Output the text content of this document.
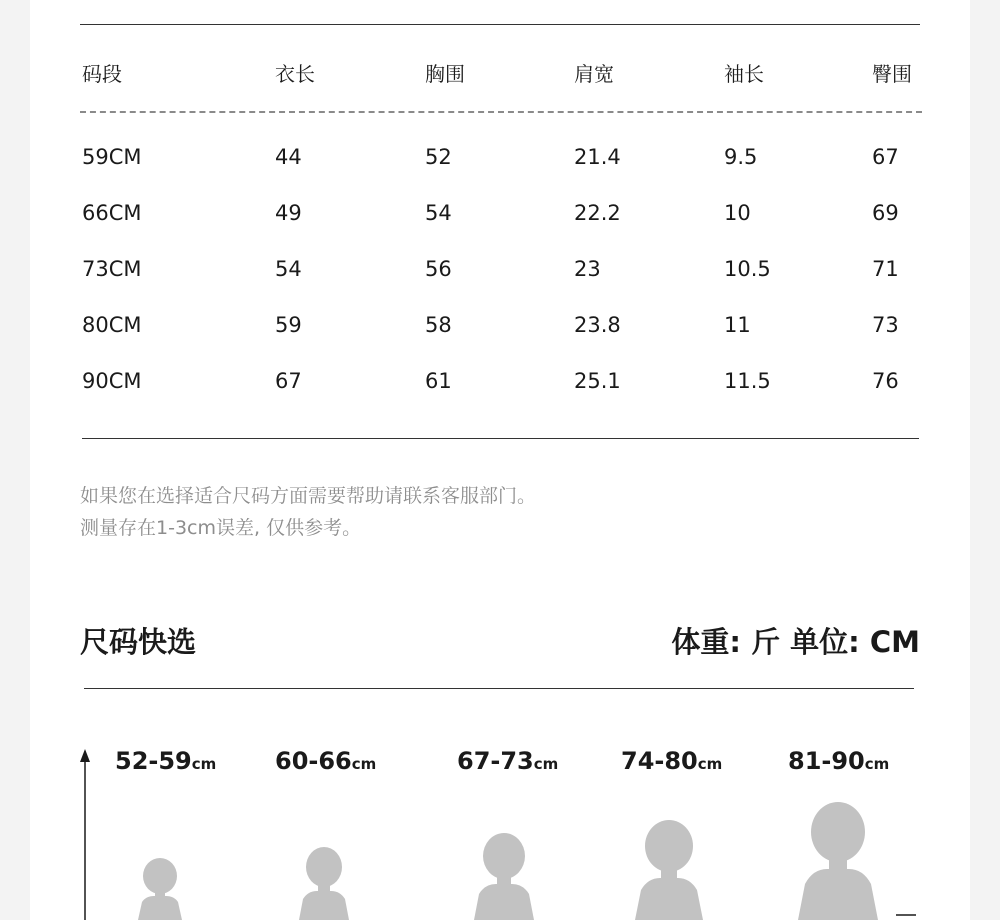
码段	衣长	胸围	肩宽	袖长	臀围
59CM	44	52	21.4	9.5	67
66CM	49	54	22.2	10	69
73CM	54	56	23	10.5	71
80CM	59	58	23.8	11	73
90CM	67	61	25.1	11.5	76
如果您在选择适合尺码方面需要帮助请联系客服部门。
测量存在1-3cm误差, 仅供参考。
尺码快选	体重: 斤 单位: CM
52-59cm 60-66cm	67-73cm	74-80cm	81-90cm
